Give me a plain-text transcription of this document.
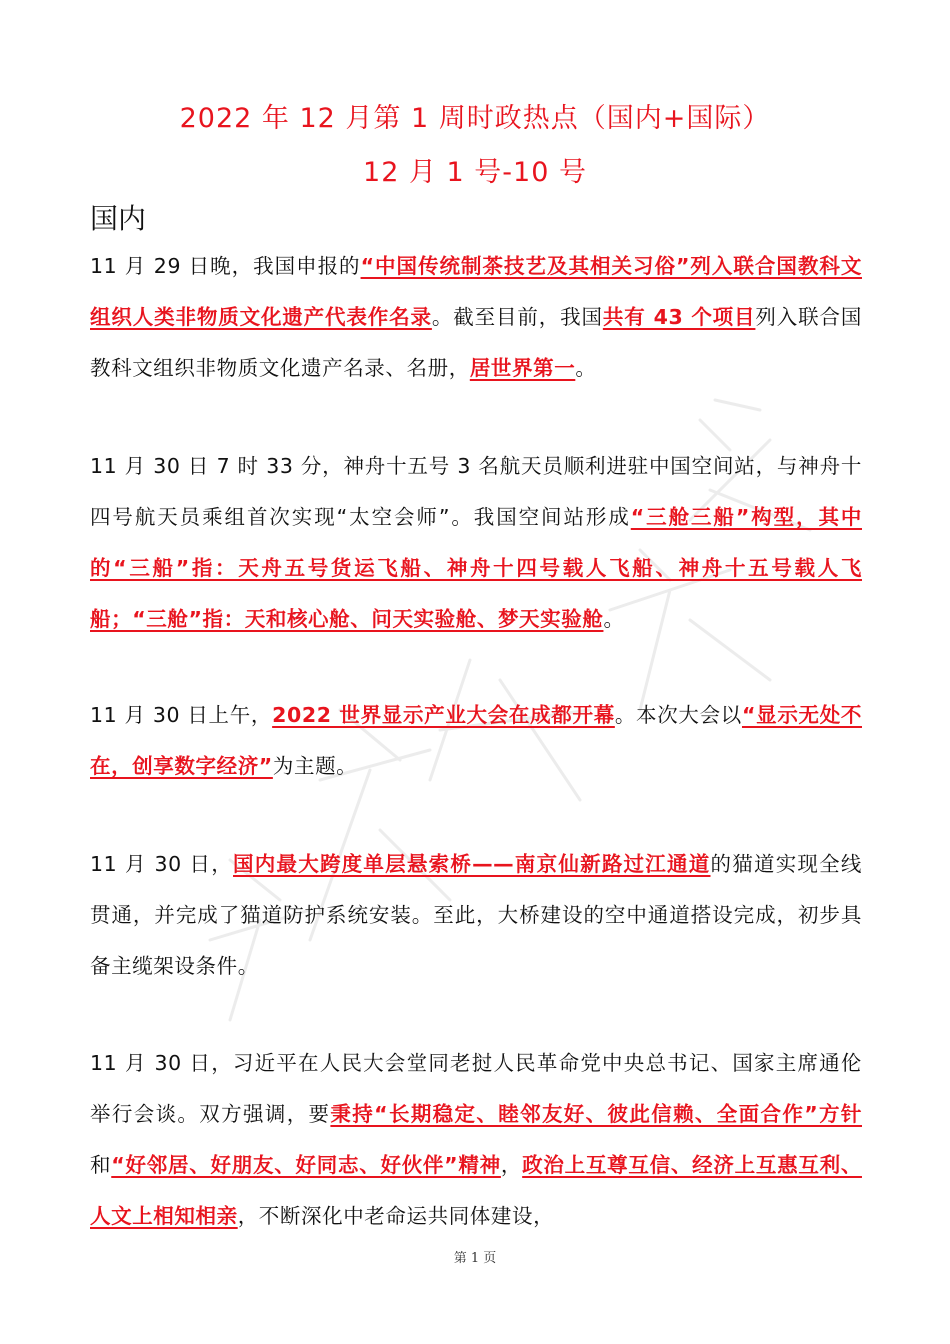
2022 年 12 月第 1 周时政热点（国内+国际）
12 月 1 号-10 号
国内
11 月 29 日晚，我国申报的“中国传统制茶技艺及其相关习俗”列入联合国教科文组织人类非物质文化遗产代表作名录。截至目前，我国共有 43 个项目列入联合国教科文组织非物质文化遗产名录、名册，居世界第一。
11 月 30 日 7 时 33 分，神舟十五号 3 名航天员顺利进驻中国空间站，与神舟十四号航天员乘组首次实现“太空会师”。我国空间站形成“三舱三船”构型，其中的“三船”指：天舟五号货运飞船、神舟十四号载人飞船、神舟十五号载人飞船；“三舱”指：天和核心舱、问天实验舱、梦天实验舱。
11 月 30 日上午，2022 世界显示产业大会在成都开幕。本次大会以“显示无处不在，创享数字经济”为主题。
11 月 30 日，国内最大跨度单层悬索桥——南京仙新路过江通道的猫道实现全线贯通，并完成了猫道防护系统安装。至此，大桥建设的空中通道搭设完成，初步具备主缆架设条件。
11 月 30 日，习近平在人民大会堂同老挝人民革命党中央总书记、国家主席通伦举行会谈。双方强调，要秉持“长期稳定、睦邻友好、彼此信赖、全面合作”方针和“好邻居、好朋友、好同志、好伙伴”精神，政治上互尊互信、经济上互惠互利、人文上相知相亲，不断深化中老命运共同体建设，
第 1 页
